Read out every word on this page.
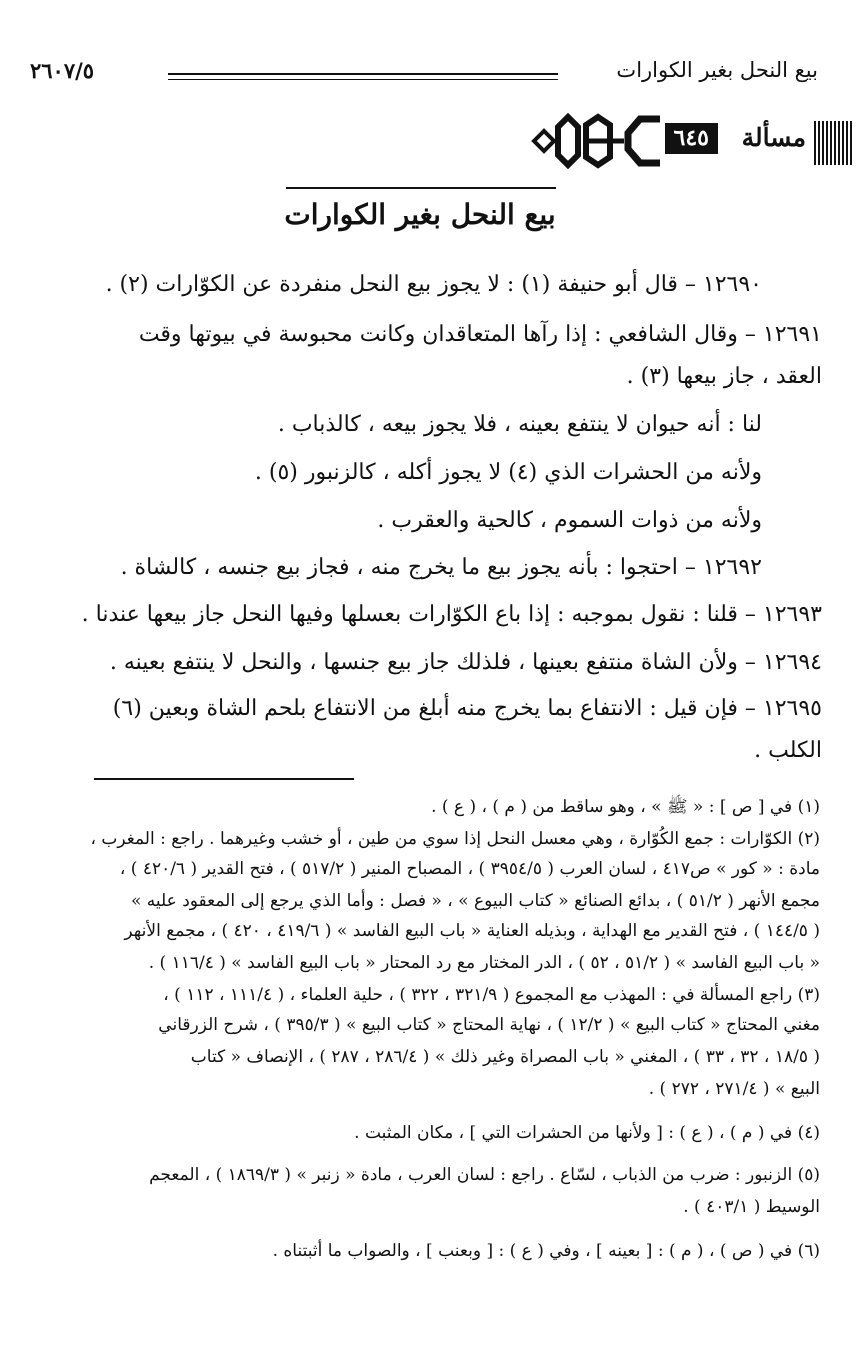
بيع النحل بغير الكوارات
٢٦٠٧/٥
مسألة
٦٤٥
بيع النحل بغير الكوارات
١٢٦٩٠ – قال أبو حنيفة (١) : لا يجوز بيع النحل منفردة عن الكوّارات (٢) .
١٢٦٩١ – وقال الشافعي : إذا رآها المتعاقدان وكانت محبوسة في بيوتها وقت
العقد ، جاز بيعها (٣) .
لنا : أنه حيوان لا ينتفع بعينه ، فلا يجوز بيعه ، كالذباب .
ولأنه من الحشرات الذي (٤) لا يجوز أكله ، كالزنبور (٥) .
ولأنه من ذوات السموم ، كالحية والعقرب .
١٢٦٩٢ – احتجوا : بأنه يجوز بيع ما يخرج منه ، فجاز بيع جنسه ، كالشاة .
١٢٦٩٣ – قلنا : نقول بموجبه : إذا باع الكوّارات بعسلها وفيها النحل جاز بيعها عندنا .
١٢٦٩٤ – ولأن الشاة منتفع بعينها ، فلذلك جاز بيع جنسها ، والنحل لا ينتفع بعينه .
١٢٦٩٥ – فإن قيل : الانتفاع بما يخرج منه أبلغ من الانتفاع بلحم الشاة وبعين (٦)
الكلب .
(١) في [ ص ] : « ﷺ » ، وهو ساقط من ( م ) ، ( ع ) .
(٢) الكوّارات : جمع الكُوّارة ، وهي معسل النحل إذا سوي من طين ، أو خشب وغيرهما . راجع : المغرب ،
مادة : « كور » ص٤١٧ ، لسان العرب ( ٣٩٥٤/٥ ) ، المصباح المنير ( ٥١٧/٢ ) ، فتح القدير ( ٤٢٠/٦ ) ،
مجمع الأنهر ( ٥١/٢ ) ، بدائع الصنائع « كتاب البيوع » ، « فصل : وأما الذي يرجع إلى المعقود عليه »
( ١٤٤/٥ ) ، فتح القدير مع الهداية ، وبذيله العناية « باب البيع الفاسد » ( ٤١٩/٦ ، ٤٢٠ ) ، مجمع الأنهر
« باب البيع الفاسد » ( ٥١/٢ ، ٥٢ ) ، الدر المختار مع رد المحتار « باب البيع الفاسد » ( ١١٦/٤ ) .
(٣) راجع المسألة في : المهذب مع المجموع ( ٣٢١/٩ ، ٣٢٢ ) ، حلية العلماء ، ( ١١١/٤ ، ١١٢ ) ،
مغني المحتاج « كتاب البيع » ( ١٢/٢ ) ، نهاية المحتاج « كتاب البيع » ( ٣٩٥/٣ ) ، شرح الزرقاني
( ١٨/٥ ، ٣٢ ، ٣٣ ) ، المغني « باب المصراة وغير ذلك » ( ٢٨٦/٤ ، ٢٨٧ ) ، الإنصاف « كتاب
البيع » ( ٢٧١/٤ ، ٢٧٢ ) .
(٤) في ( م ) ، ( ع ) : [ ولأنها من الحشرات التي ] ، مكان المثبت .
(٥) الزنبور : ضرب من الذباب ، لسّاع . راجع : لسان العرب ، مادة « زنبر » ( ١٨٦٩/٣ ) ، المعجم
الوسيط ( ٤٠٣/١ ) .
(٦) في ( ص ) ، ( م ) : [ بعينه ] ، وفي ( ع ) : [ وبعنب ] ، والصواب ما أثبتناه .
